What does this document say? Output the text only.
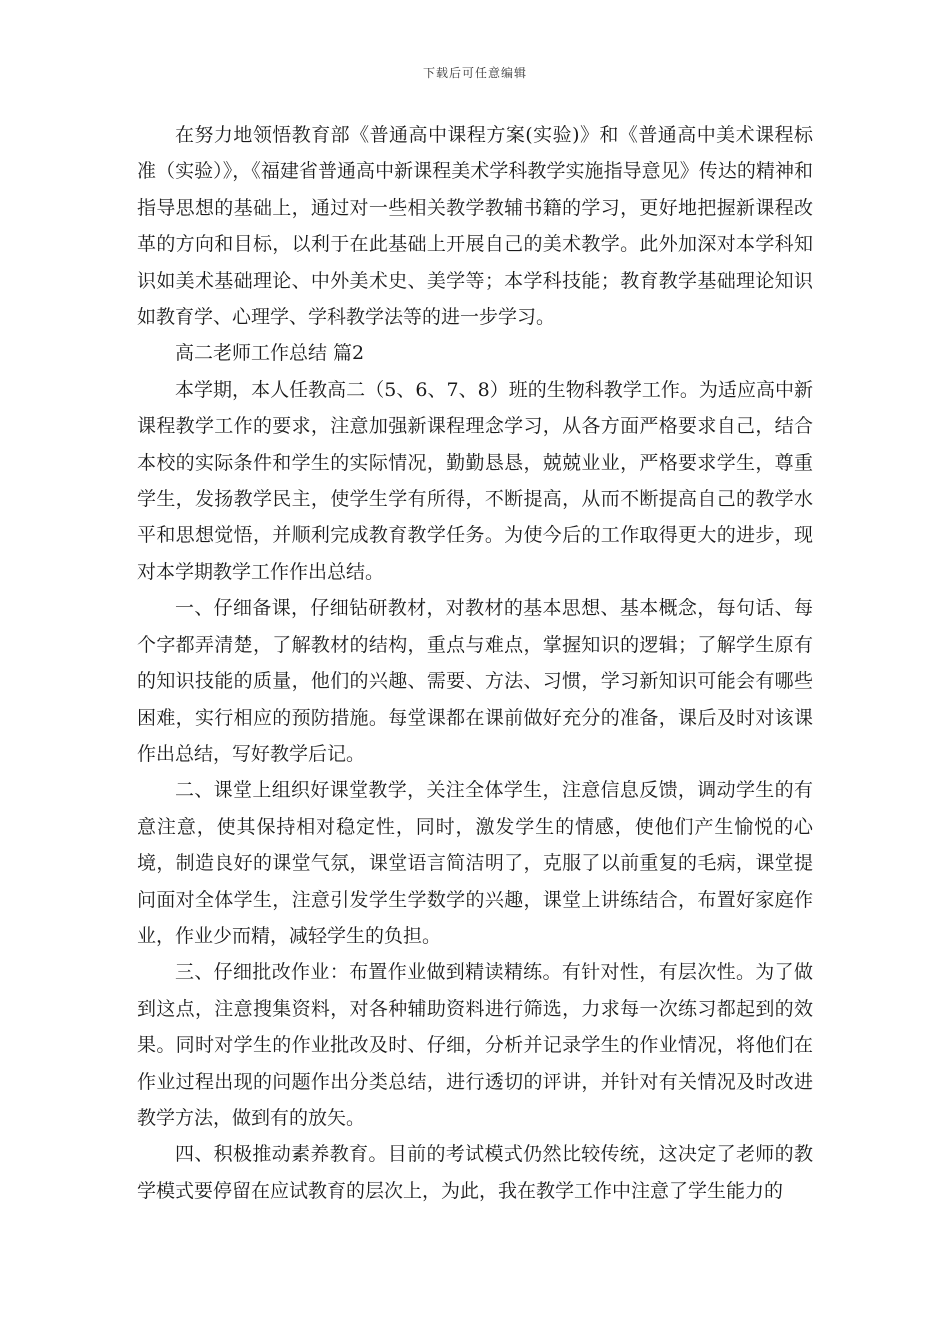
下载后可任意编辑

在努力地领悟教育部《普通高中课程方案(实验)》和《普通高中美术课程标准（实验）》，《福建省普通高中新课程美术学科教学实施指导意见》传达的精神和指导思想的基础上，通过对一些相关教学教辅书籍的学习，更好地把握新课程改革的方向和目标，以利于在此基础上开展自己的美术教学。此外加深对本学科知识如美术基础理论、中外美术史、美学等；本学科技能；教育教学基础理论知识如教育学、心理学、学科教学法等的进一步学习。

高二老师工作总结 篇2

本学期，本人任教高二（5、6、7、8）班的生物科教学工作。为适应高中新课程教学工作的要求，注意加强新课程理念学习，从各方面严格要求自己，结合本校的实际条件和学生的实际情况，勤勤恳恳，兢兢业业，严格要求学生，尊重学生，发扬教学民主，使学生学有所得，不断提高，从而不断提高自己的教学水平和思想觉悟，并顺利完成教育教学任务。为使今后的工作取得更大的进步，现对本学期教学工作作出总结。

一、仔细备课，仔细钻研教材，对教材的基本思想、基本概念，每句话、每个字都弄清楚，了解教材的结构，重点与难点，掌握知识的逻辑；了解学生原有的知识技能的质量，他们的兴趣、需要、方法、习惯，学习新知识可能会有哪些困难，实行相应的预防措施。每堂课都在课前做好充分的准备，课后及时对该课作出总结，写好教学后记。

二、课堂上组织好课堂教学，关注全体学生，注意信息反馈，调动学生的有意注意，使其保持相对稳定性，同时，激发学生的情感，使他们产生愉悦的心境，制造良好的课堂气氛，课堂语言简洁明了，克服了以前重复的毛病，课堂提问面对全体学生，注意引发学生学数学的兴趣，课堂上讲练结合，布置好家庭作业，作业少而精，减轻学生的负担。

三、仔细批改作业：布置作业做到精读精练。有针对性，有层次性。为了做到这点，注意搜集资料，对各种辅助资料进行筛选，力求每一次练习都起到的效果。同时对学生的作业批改及时、仔细，分析并记录学生的作业情况，将他们在作业过程出现的问题作出分类总结，进行透切的评讲，并针对有关情况及时改进教学方法，做到有的放矢。

四、积极推动素养教育。目前的考试模式仍然比较传统，这决定了老师的教学模式要停留在应试教育的层次上，为此，我在教学工作中注意了学生能力的
